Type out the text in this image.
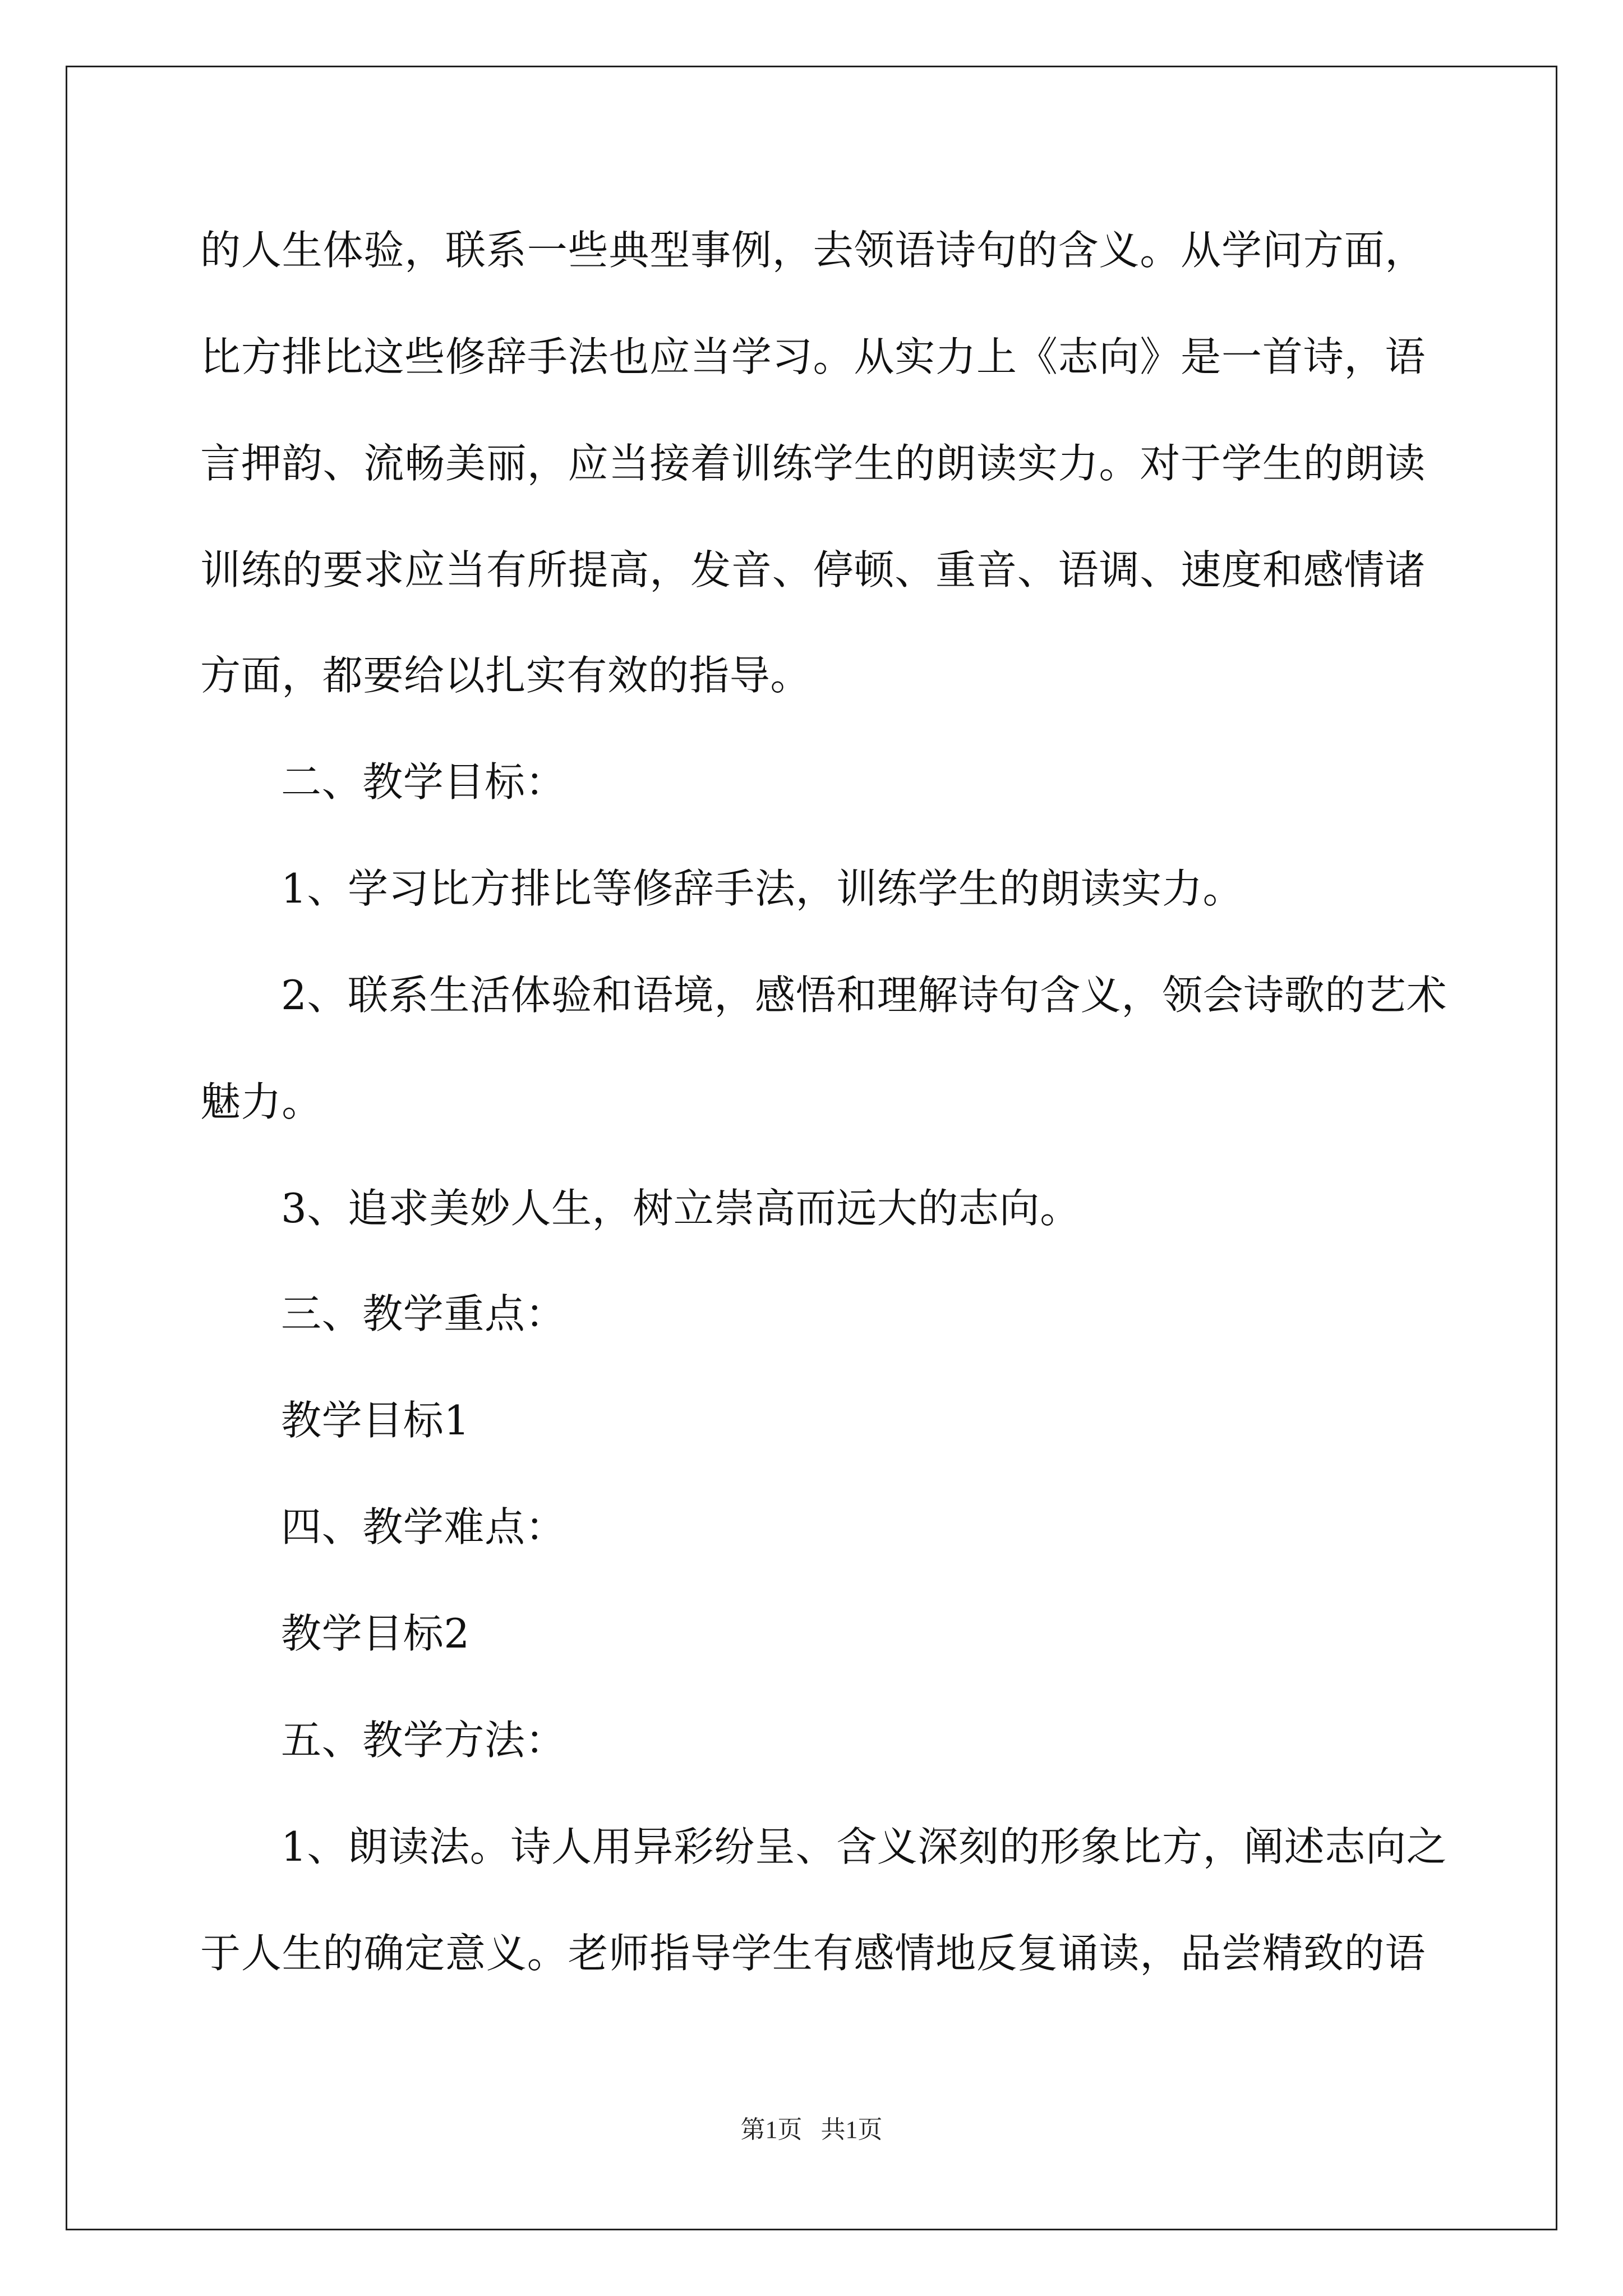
的人生体验，联系一些典型事例，去领语诗句的含义。从学问方面，
比方排比这些修辞手法也应当学习。从实力上《志向》是一首诗，语
言押韵、流畅美丽，应当接着训练学生的朗读实力。对于学生的朗读
训练的要求应当有所提高，发音、停顿、重音、语调、速度和感情诸
方面，都要给以扎实有效的指导。
二、教学目标：
1、学习比方排比等修辞手法，训练学生的朗读实力。
2、联系生活体验和语境，感悟和理解诗句含义，领会诗歌的艺术
魅力。
3、追求美妙人生，树立崇高而远大的志向。
三、教学重点：
教学目标1
四、教学难点：
教学目标2
五、教学方法：
1、朗读法。诗人用异彩纷呈、含义深刻的形象比方，阐述志向之
于人生的确定意义。老师指导学生有感情地反复诵读，品尝精致的语
第1页   共1页
